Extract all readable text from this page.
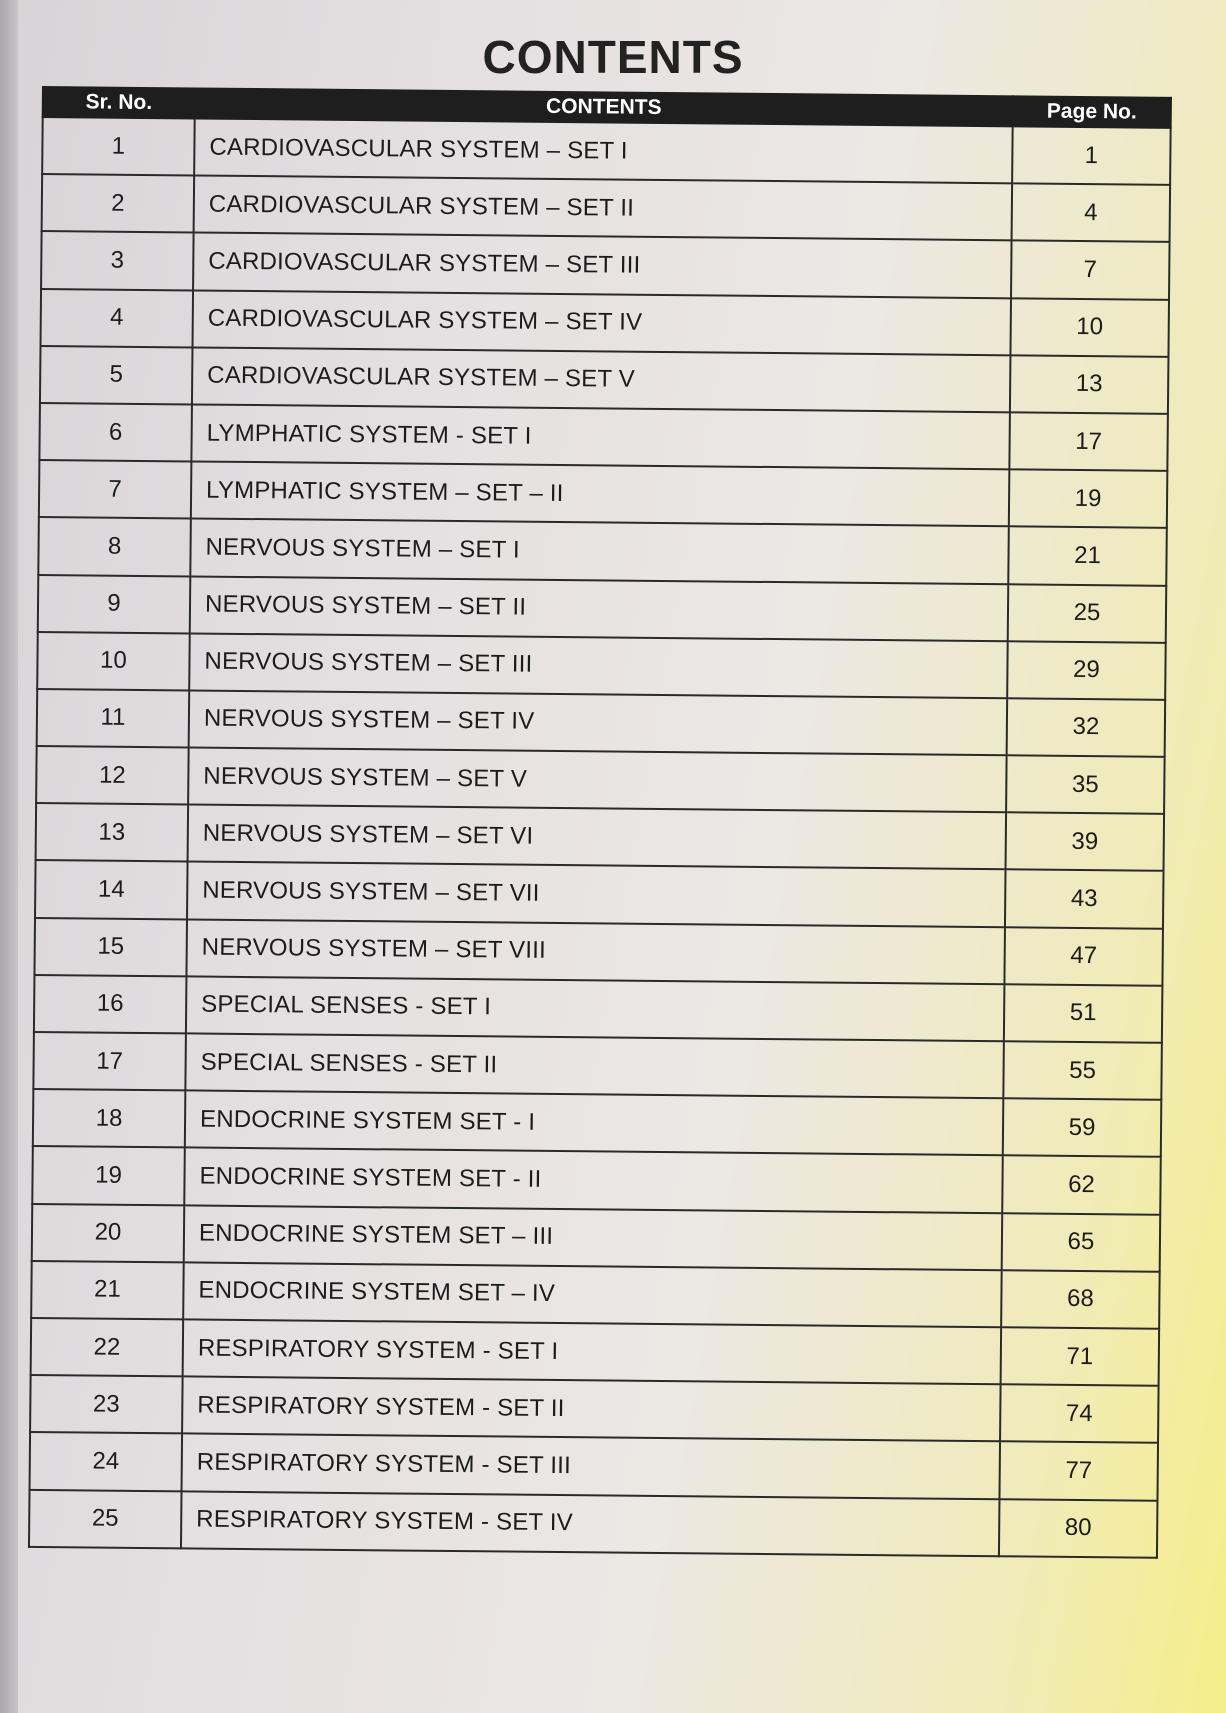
CONTENTS
Sr. No.	CONTENTS	Page No.
1	CARDIOVASCULAR SYSTEM – SET I	1
2	CARDIOVASCULAR SYSTEM – SET II	4
3	CARDIOVASCULAR SYSTEM – SET III	7
4	CARDIOVASCULAR SYSTEM – SET IV	10
5	CARDIOVASCULAR SYSTEM – SET V	13
6	LYMPHATIC SYSTEM - SET I	17
7	LYMPHATIC SYSTEM – SET – II	19
8	NERVOUS SYSTEM – SET I	21
9	NERVOUS SYSTEM – SET II	25
10	NERVOUS SYSTEM – SET III	29
11	NERVOUS SYSTEM – SET IV	32
12	NERVOUS SYSTEM – SET V	35
13	NERVOUS SYSTEM – SET VI	39
14	NERVOUS SYSTEM – SET VII	43
15	NERVOUS SYSTEM – SET VIII	47
16	SPECIAL SENSES - SET I	51
17	SPECIAL SENSES - SET II	55
18	ENDOCRINE SYSTEM SET - I	59
19	ENDOCRINE SYSTEM SET - II	62
20	ENDOCRINE SYSTEM SET – III	65
21	ENDOCRINE SYSTEM SET – IV	68
22	RESPIRATORY SYSTEM - SET I	71
23	RESPIRATORY SYSTEM - SET II	74
24	RESPIRATORY SYSTEM - SET III	77
25	RESPIRATORY SYSTEM - SET IV	80
